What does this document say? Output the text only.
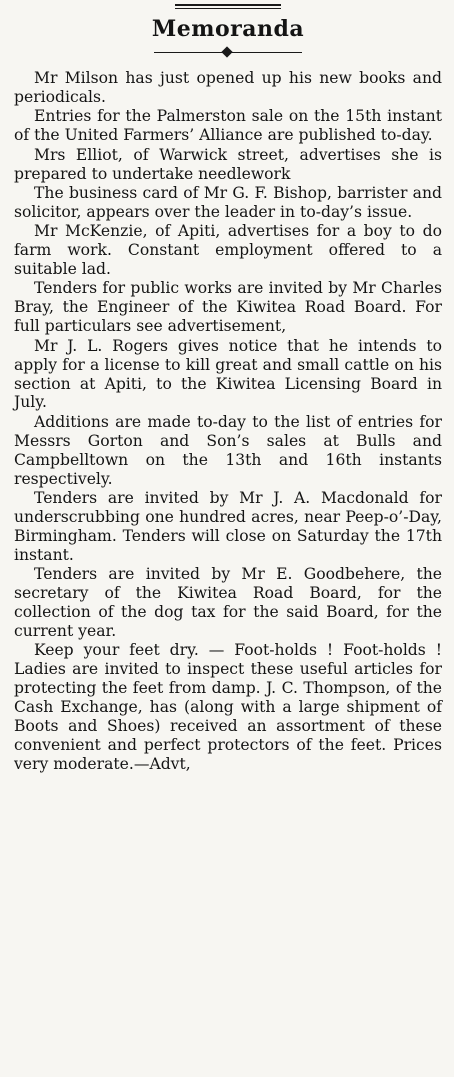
Memoranda

Mr Milson has just opened up his new books and periodicals.

Entries for the Palmerston sale on the 15th instant of the United Farmers’ Alliance are published to-day.

Mrs Elliot, of Warwick street, advertises she is prepared to undertake needlework

The business card of Mr G. F. Bishop, barrister and solicitor, appears over the leader in to-day’s issue.

Mr McKenzie, of Apiti, advertises for a boy to do farm work. Constant employment offered to a suitable lad.

Tenders for public works are invited by Mr Charles Bray, the Engineer of the Kiwitea Road Board. For full particulars see advertisement,

Mr J. L. Rogers gives notice that he intends to apply for a license to kill great and small cattle on his section at Apiti, to the Kiwitea Licensing Board in July.

Additions are made to-day to the list of entries for Messrs Gorton and Son’s sales at Bulls and Campbelltown on the 13th and 16th instants respectively.

Tenders are invited by Mr J. A. Macdonald for underscrubbing one hundred acres, near Peep-o’-Day, Birmingham. Tenders will close on Saturday the 17th instant.

Tenders are invited by Mr E. Goodbehere, the secretary of the Kiwitea Road Board, for the collection of the dog tax for the said Board, for the current year.

Keep your feet dry. — Foot-holds ! Foot-holds ! Ladies are invited to inspect these useful articles for protecting the feet from damp. J. C. Thompson, of the Cash Exchange, has (along with a large shipment of Boots and Shoes) received an assortment of these convenient and perfect protectors of the feet. Prices very moderate.—Advt,
